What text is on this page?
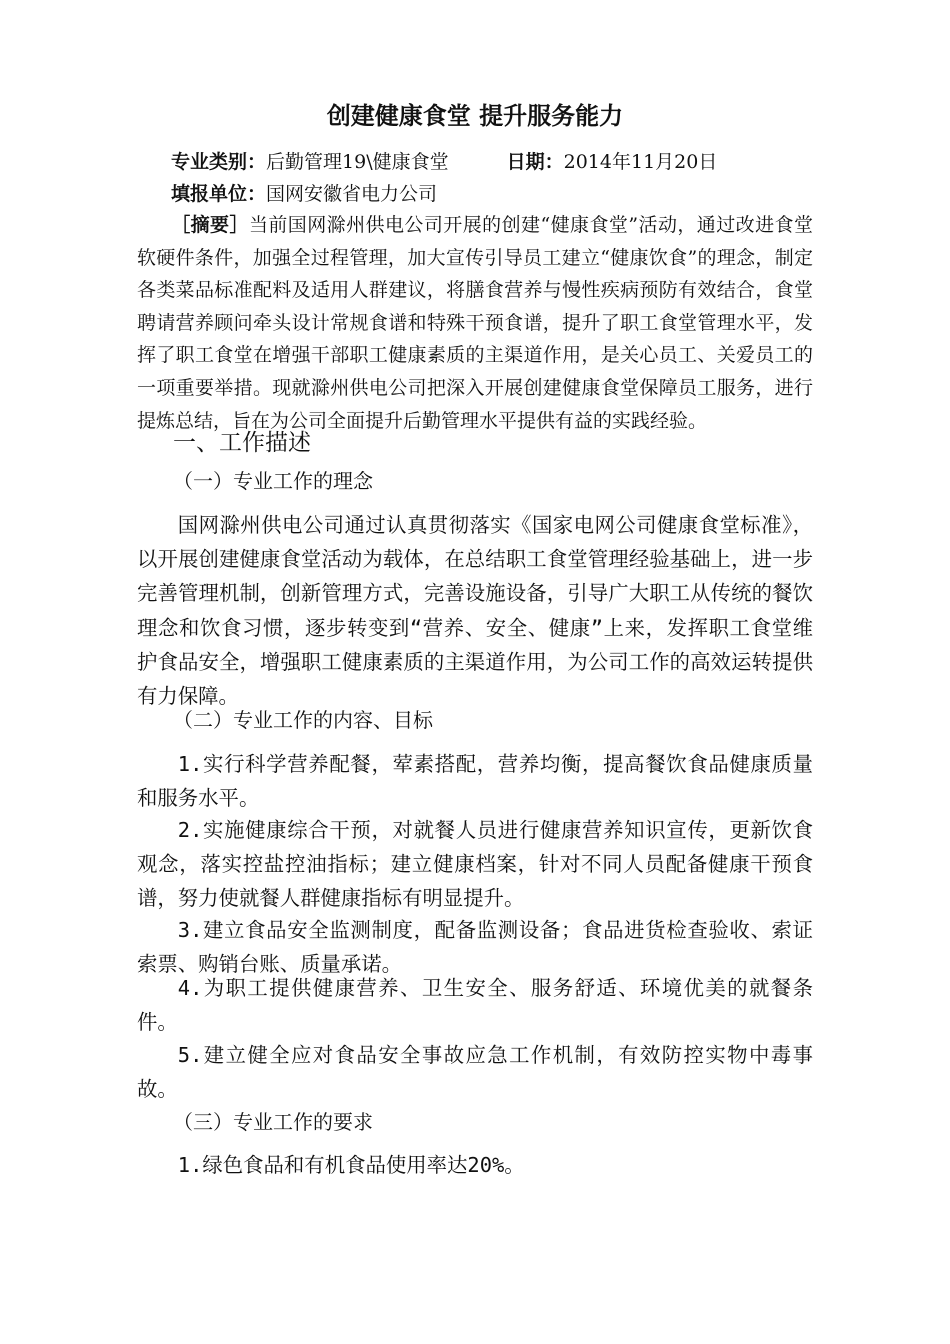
创建健康食堂 提升服务能力
专业类别：后勤管理19\健康食堂	日期：2014年11月20日
填报单位：国网安徽省电力公司

［摘要］当前国网滁州供电公司开展的创建“健康食堂”活动，通过改进食堂软硬件条件，加强全过程管理，加大宣传引导员工建立“健康饮食”的理念，制定各类菜品标准配料及适用人群建议，将膳食营养与慢性疾病预防有效结合，食堂聘请营养顾问牵头设计常规食谱和特殊干预食谱，提升了职工食堂管理水平，发挥了职工食堂在增强干部职工健康素质的主渠道作用，是关心员工、关爱员工的一项重要举措。现就滁州供电公司把深入开展创建健康食堂保障员工服务，进行提炼总结，旨在为公司全面提升后勤管理水平提供有益的实践经验。

一、工作描述
（一）专业工作的理念

国网滁州供电公司通过认真贯彻落实《国家电网公司健康食堂标准》，以开展创建健康食堂活动为载体，在总结职工食堂管理经验基础上，进一步完善管理机制，创新管理方式，完善设施设备，引导广大职工从传统的餐饮理念和饮食习惯，逐步转变到“营养、安全、健康”上来，发挥职工食堂维护食品安全，增强职工健康素质的主渠道作用，为公司工作的高效运转提供有力保障。

（二）专业工作的内容、目标

1.实行科学营养配餐，荤素搭配，营养均衡，提高餐饮食品健康质量和服务水平。

2.实施健康综合干预，对就餐人员进行健康营养知识宣传，更新饮食观念，落实控盐控油指标；建立健康档案，针对不同人员配备健康干预食谱，努力使就餐人群健康指标有明显提升。

3.建立食品安全监测制度，配备监测设备；食品进货检查验收、索证索票、购销台账、质量承诺。

4.为职工提供健康营养、卫生安全、服务舒适、环境优美的就餐条件。

5.建立健全应对食品安全事故应急工作机制，有效防控实物中毒事故。

（三）专业工作的要求

1.绿色食品和有机食品使用率达20%。
